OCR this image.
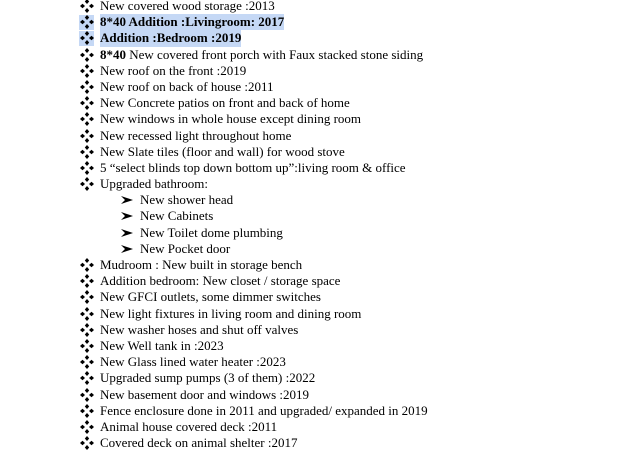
New covered wood storage :2013
8*40 Addition :Livingroom: 2017
Addition :Bedroom :2019
8*40 New covered front porch with Faux stacked stone siding
New roof on the front :2019
New roof on back of house :2011
New Concrete patios on front and back of home
New windows in whole house except dining room
New recessed light throughout home
New Slate tiles (floor and wall) for wood stove
5 “select blinds top down bottom up”:living room & office
Upgraded bathroom:
New shower head
New Cabinets
New Toilet dome plumbing
New Pocket door
Mudroom : New built in storage bench
Addition bedroom: New closet / storage space
New GFCI outlets, some dimmer switches
New light fixtures in living room and dining room
New washer hoses and shut off valves
New Well tank in :2023
New Glass lined water heater :2023
Upgraded sump pumps (3 of them) :2022
New basement door and windows :2019
Fence enclosure done in 2011 and upgraded/ expanded in 2019
Animal house covered deck :2011
Covered deck on animal shelter :2017
